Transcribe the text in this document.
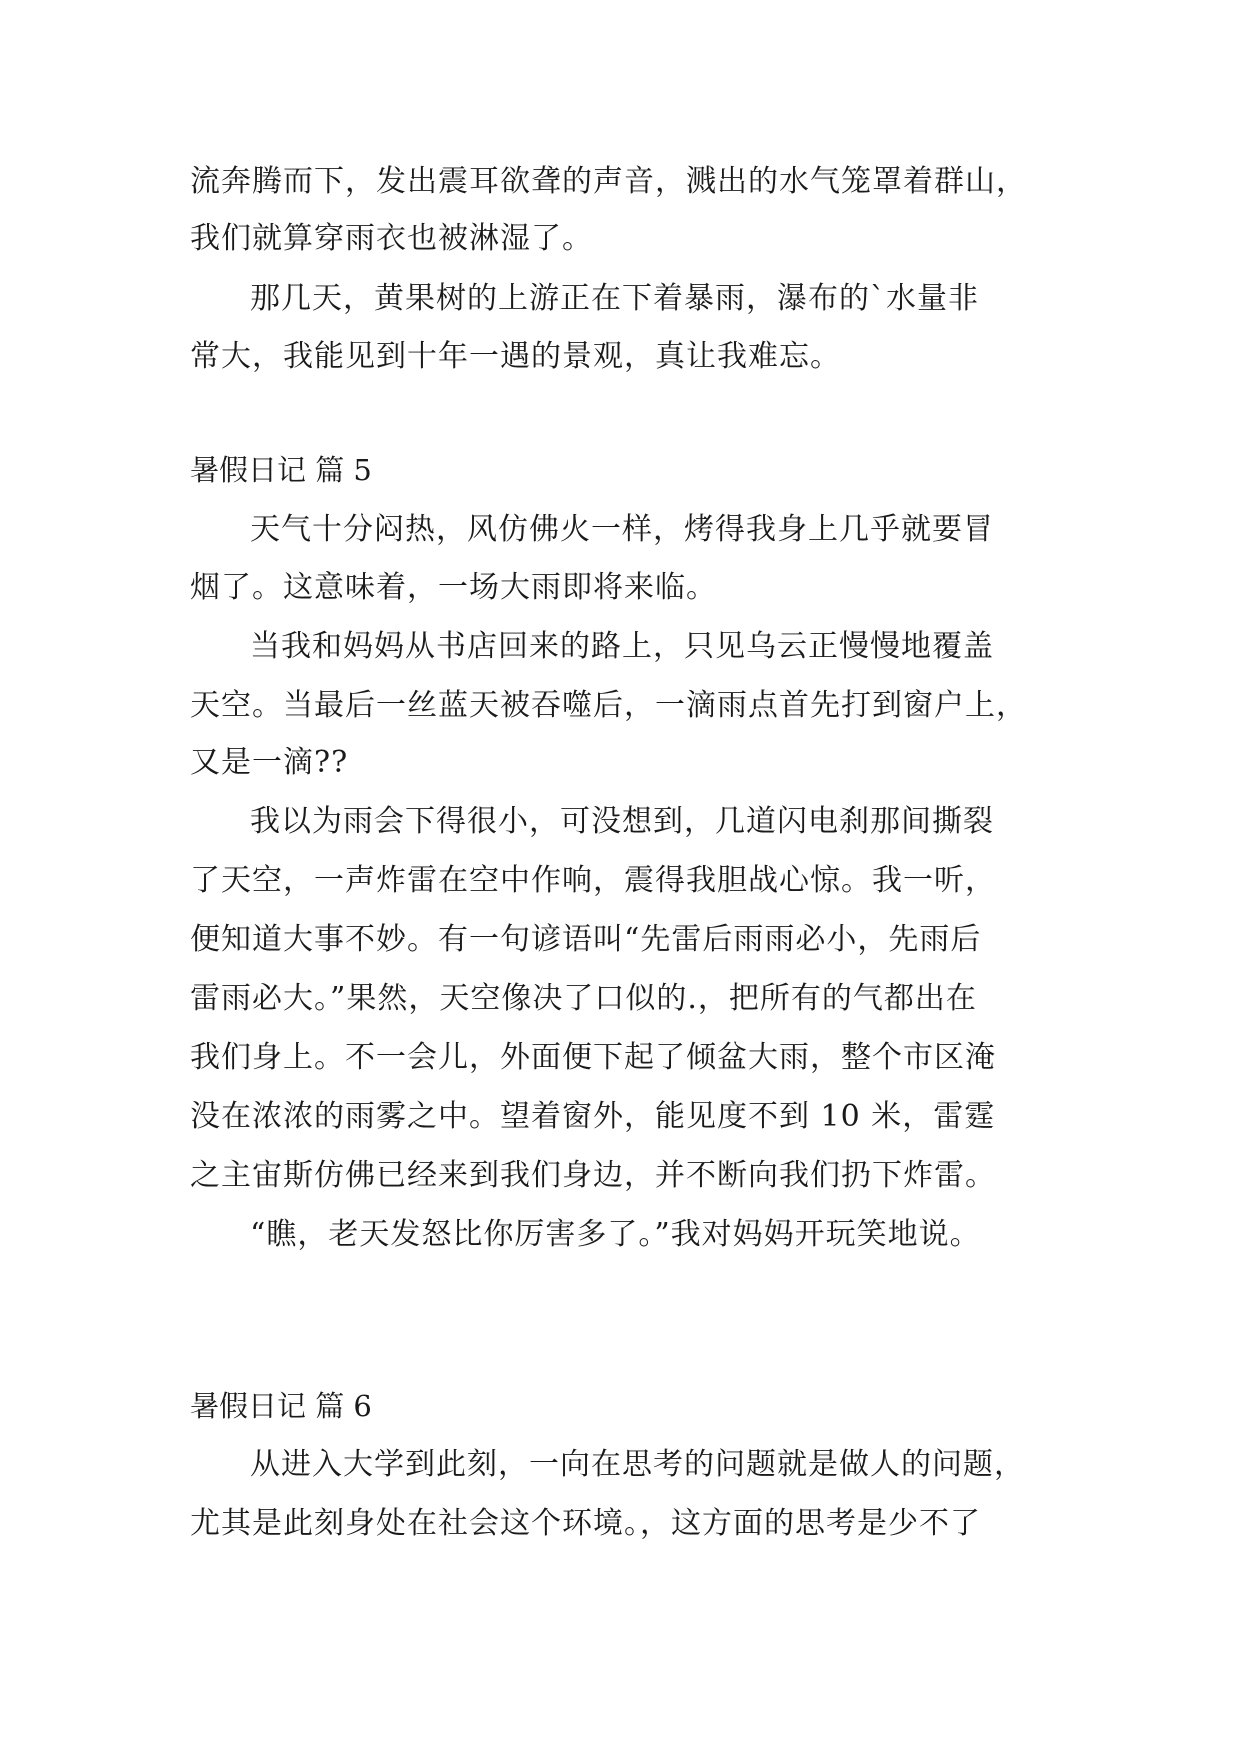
流奔腾而下，发出震耳欲聋的声音，溅出的水气笼罩着群山，
我们就算穿雨衣也被淋湿了。
那几天，黄果树的上游正在下着暴雨，瀑布的`水量非
常大，我能见到十年一遇的景观，真让我难忘。
暑假日记 篇 5
天气十分闷热，风仿佛火一样，烤得我身上几乎就要冒
烟了。这意味着，一场大雨即将来临。
当我和妈妈从书店回来的路上，只见乌云正慢慢地覆盖
天空。当最后一丝蓝天被吞噬后，一滴雨点首先打到窗户上，
又是一滴??
我以为雨会下得很小，可没想到，几道闪电刹那间撕裂
了天空，一声炸雷在空中作响，震得我胆战心惊。我一听，
便知道大事不妙。有一句谚语叫“先雷后雨雨必小，先雨后
雷雨必大。”果然，天空像决了口似的.，把所有的气都出在
我们身上。不一会儿，外面便下起了倾盆大雨，整个市区淹
没在浓浓的雨雾之中。望着窗外，能见度不到 10 米，雷霆
之主宙斯仿佛已经来到我们身边，并不断向我们扔下炸雷。
“瞧，老天发怒比你厉害多了。”我对妈妈开玩笑地说。
暑假日记 篇 6
从进入大学到此刻，一向在思考的问题就是做人的问题，
尤其是此刻身处在社会这个环境。，这方面的思考是少不了
